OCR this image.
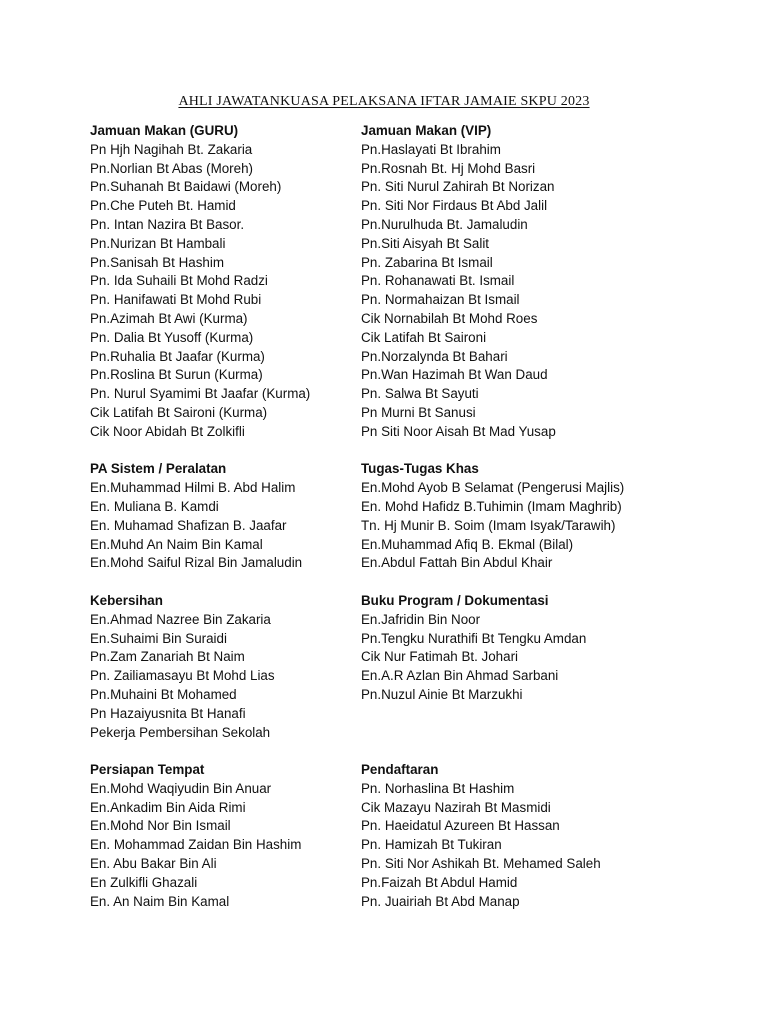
AHLI JAWATANKUASA PELAKSANA IFTAR JAMAIE SKPU 2023
Jamuan Makan (GURU)
Pn Hjh Nagihah Bt. Zakaria
Pn.Norlian Bt Abas (Moreh)
Pn.Suhanah Bt Baidawi (Moreh)
Pn.Che Puteh Bt. Hamid
Pn. Intan Nazira Bt Basor.
Pn.Nurizan Bt Hambali
Pn.Sanisah Bt Hashim
Pn. Ida Suhaili Bt Mohd Radzi
Pn. Hanifawati Bt Mohd Rubi
Pn.Azimah Bt Awi (Kurma)
Pn. Dalia Bt Yusoff (Kurma)
Pn.Ruhalia Bt Jaafar (Kurma)
Pn.Roslina Bt Surun (Kurma)
Pn. Nurul Syamimi Bt Jaafar (Kurma)
Cik Latifah Bt Saironi (Kurma)
Cik Noor Abidah Bt Zolkifli
PA Sistem / Peralatan
En.Muhammad Hilmi B. Abd Halim
En. Muliana B. Kamdi
En. Muhamad Shafizan B. Jaafar
En.Muhd An Naim Bin Kamal
En.Mohd Saiful Rizal Bin Jamaludin
Kebersihan
En.Ahmad Nazree Bin Zakaria
En.Suhaimi Bin Suraidi
Pn.Zam Zanariah Bt Naim
Pn. Zailiamasayu Bt Mohd Lias
Pn.Muhaini Bt Mohamed
Pn Hazaiyusnita Bt Hanafi
Pekerja Pembersihan Sekolah
Persiapan Tempat
En.Mohd Waqiyudin Bin Anuar
En.Ankadim Bin Aida Rimi
En.Mohd Nor Bin Ismail
En. Mohammad Zaidan Bin Hashim
En. Abu Bakar Bin Ali
En Zulkifli Ghazali
En. An Naim Bin Kamal
Jamuan Makan (VIP)
Pn.Haslayati Bt Ibrahim
Pn.Rosnah Bt. Hj Mohd Basri
Pn. Siti Nurul Zahirah Bt Norizan
Pn. Siti Nor Firdaus Bt Abd Jalil
Pn.Nurulhuda Bt. Jamaludin
Pn.Siti Aisyah Bt Salit
Pn. Zabarina Bt Ismail
Pn. Rohanawati Bt. Ismail
Pn. Normahaizan Bt Ismail
Cik Nornabilah Bt Mohd Roes
Cik Latifah Bt Saironi
Pn.Norzalynda Bt Bahari
Pn.Wan Hazimah Bt Wan Daud
Pn. Salwa Bt Sayuti
Pn Murni Bt Sanusi
Pn Siti Noor Aisah Bt Mad Yusap
Tugas-Tugas Khas
En.Mohd Ayob B Selamat (Pengerusi Majlis)
En. Mohd Hafidz B.Tuhimin (Imam Maghrib)
Tn. Hj Munir B. Soim (Imam Isyak/Tarawih)
En.Muhammad Afiq B. Ekmal (Bilal)
En.Abdul Fattah Bin Abdul Khair
Buku Program / Dokumentasi
En.Jafridin Bin Noor
Pn.Tengku Nurathifi Bt Tengku Amdan
Cik Nur Fatimah Bt. Johari
En.A.R Azlan Bin Ahmad Sarbani
Pn.Nuzul Ainie Bt Marzukhi

Pendaftaran
Pn. Norhaslina Bt Hashim
Cik Mazayu Nazirah Bt Masmidi
Pn. Haeidatul Azureen Bt Hassan
Pn. Hamizah Bt Tukiran
Pn. Siti Nor Ashikah Bt. Mehamed Saleh
Pn.Faizah Bt Abdul Hamid
Pn. Juairiah Bt Abd Manap
